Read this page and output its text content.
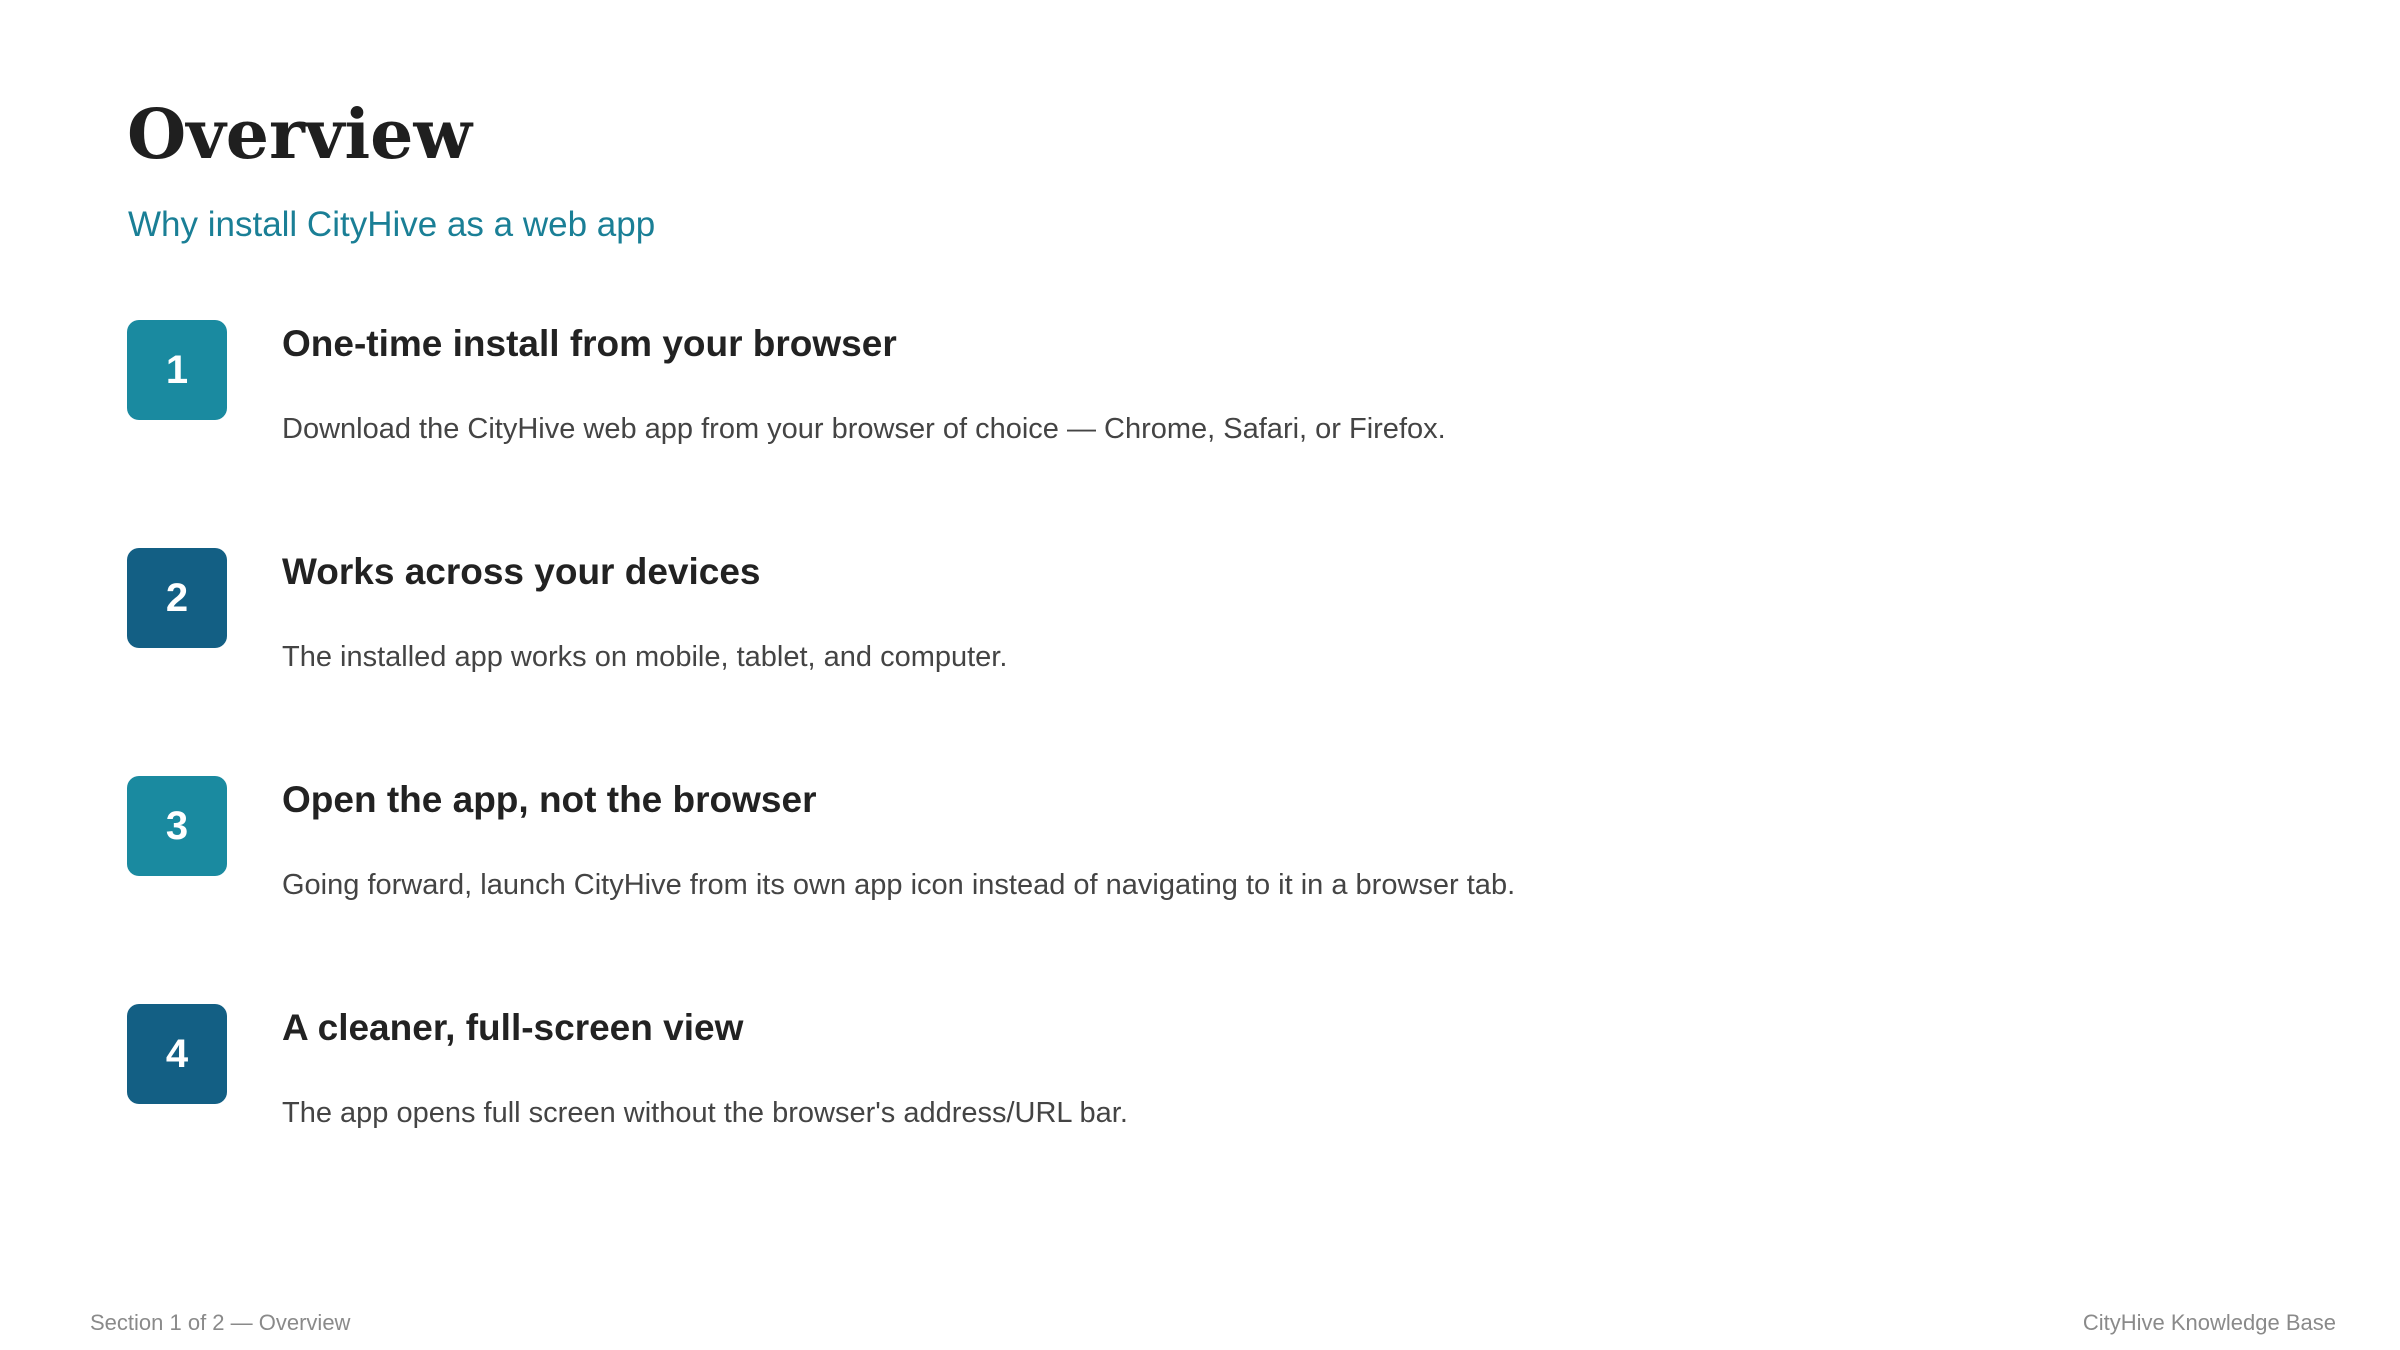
Overview
Why install CityHive as a web app
1
One-time install from your browser

Download the CityHive web app from your browser of choice — Chrome, Safari, or Firefox.

2
Works across your devices

The installed app works on mobile, tablet, and computer.

3
Open the app, not the browser

Going forward, launch CityHive from its own app icon instead of navigating to it in a browser tab.

4
A cleaner, full-screen view

The app opens full screen without the browser's address/URL bar.

Section 1 of 2 — Overview	CityHive Knowledge Base
